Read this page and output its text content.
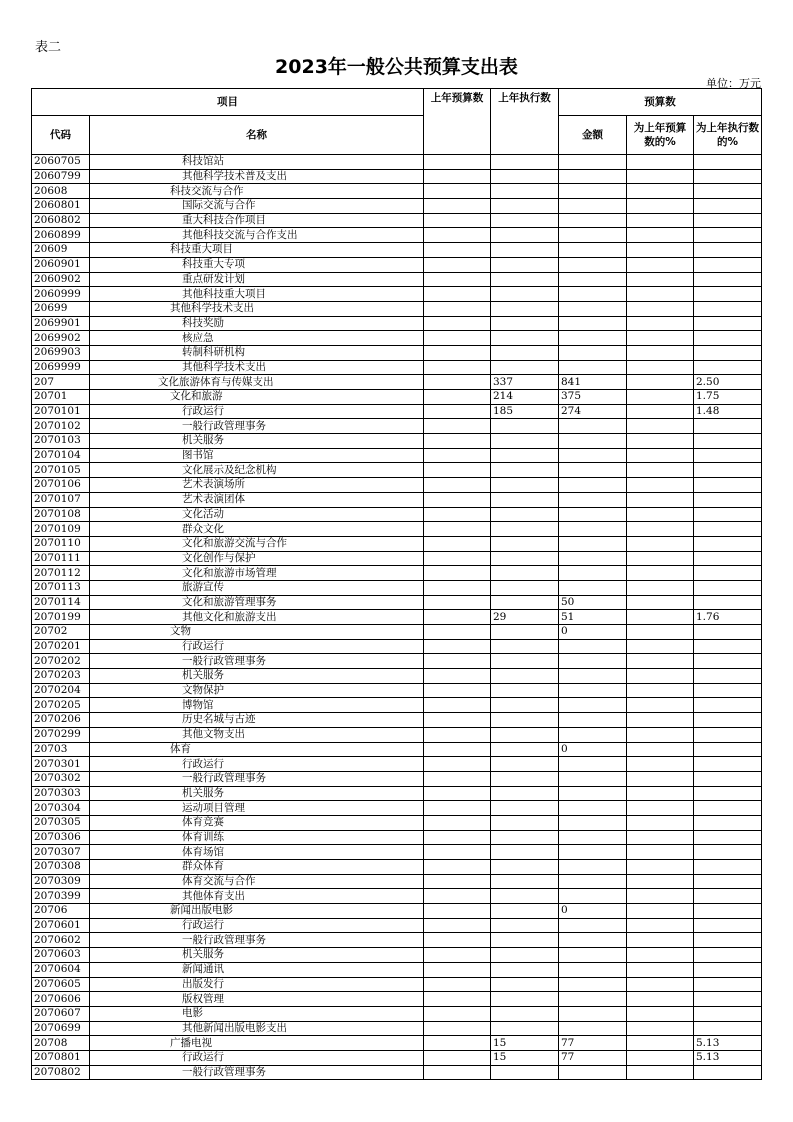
表二
2023年一般公共预算支出表
单位：万元
项目		上年预算数	上年执行数	预算数		
代码	名称			金额	为上年预算数的%	为上年执行数的%
2060705	科技馆站					
2060799	其他科学技术普及支出					
20608	科技交流与合作					
2060801	国际交流与合作					
2060802	重大科技合作项目					
2060899	其他科技交流与合作支出					
20609	科技重大项目					
2060901	科技重大专项					
2060902	重点研发计划					
2060999	其他科技重大项目					
20699	其他科学技术支出					
2069901	科技奖励					
2069902	核应急					
2069903	转制科研机构					
2069999	其他科学技术支出					
207	文化旅游体育与传媒支出		337	841		2.50
20701	文化和旅游		214	375		1.75
2070101	行政运行		185	274		1.48
2070102	一般行政管理事务					
2070103	机关服务					
2070104	图书馆					
2070105	文化展示及纪念机构					
2070106	艺术表演场所					
2070107	艺术表演团体					
2070108	文化活动					
2070109	群众文化					
2070110	文化和旅游交流与合作					
2070111	文化创作与保护					
2070112	文化和旅游市场管理					
2070113	旅游宣传					
2070114	文化和旅游管理事务			50		
2070199	其他文化和旅游支出		29	51		1.76
20702	文物			0		
2070201	行政运行					
2070202	一般行政管理事务					
2070203	机关服务					
2070204	文物保护					
2070205	博物馆					
2070206	历史名城与古迹					
2070299	其他文物支出					
20703	体育			0		
2070301	行政运行					
2070302	一般行政管理事务					
2070303	机关服务					
2070304	运动项目管理					
2070305	体育竞赛					
2070306	体育训练					
2070307	体育场馆					
2070308	群众体育					
2070309	体育交流与合作					
2070399	其他体育支出					
20706	新闻出版电影			0		
2070601	行政运行					
2070602	一般行政管理事务					
2070603	机关服务					
2070604	新闻通讯					
2070605	出版发行					
2070606	版权管理					
2070607	电影					
2070699	其他新闻出版电影支出					
20708	广播电视		15	77		5.13
2070801	行政运行		15	77		5.13
2070802	一般行政管理事务					
